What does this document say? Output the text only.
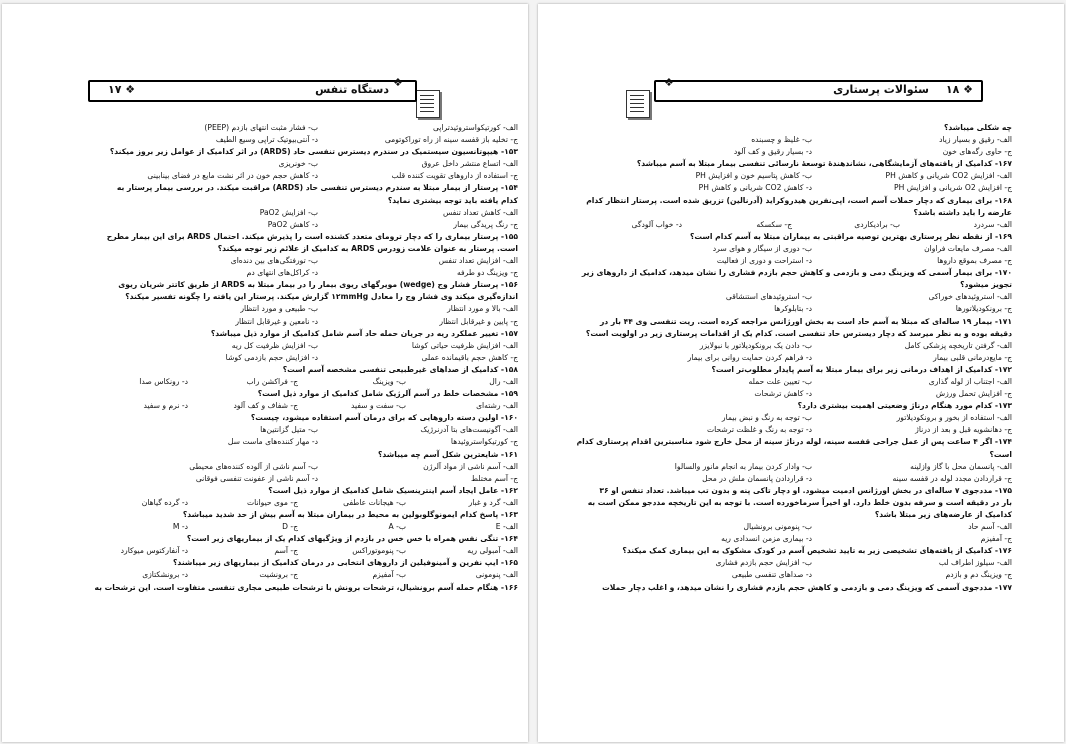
❖
دستگاه تنفس
۱۷ ❖
الف- کورتیکواستروئیدتراپی
ب- فشار مثبت انتهای بازدم (PEEP)
ج- تخلیه باز قفسه سینه از راه توراکوتومی
د- آنتی‌بیوتیک تراپی وسیع الطیف
۱۵۳- هیپوتانسیون سیستمیک در سندرم دیسترس تنفسی حاد (ARDS) در اثر کدامیک از عوامل زیر بروز میکند؟
الف- اتساع منتشر داخل عروق
ب- خونریزی
ج- استفاده از داروهای تقویت کننده قلب
د- کاهش حجم خون در اثر نشت مایع در فضای بینابینی
۱۵۴- پرستار از بیمار مبتلا به سندرم دیسترس تنفسی حاد (ARDS) مراقبت میکند. در بررسی بیمار پرستار به
کدام یافته باید توجه بیشتری نماید؟
الف- کاهش تعداد تنفس
ب- افزایش PaO2
ج- رنگ پریدگی بیمار
د- کاهش PaO2
۱۵۵- پرستار بیماری را که دچار ترومای متعدد کشنده است را پذیرش میکند. احتمال ARDS برای این بیمار مطرح
است. پرستار به عنوان علامت زودرس ARDS به کدامیک از علائم زیر توجه میکند؟
الف- افزایش تعداد تنفس
ب- تورفتگی‌های بین دنده‌ای
ج- ویزینگ دو طرفه
د- کراکل‌های انتهای دم
۱۵۶- پرستار فشار وج (wedge) مویرگهای ریوی بیمار را در بیمار مبتلا به ARDS از طریق کاتتر شریان ریوی
اندازه‌گیری میکند وی فشار وج را معادل ۱۲mmHg گزارش میکند. پرستار این یافته را چگونه تفسیر میکند؟
الف- بالا و مورد انتظار
ب- طبیعی و مورد انتظار
ج- پایین و غیرقابل انتظار
د- نامعین و غیرقابل انتظار
۱۵۷- تغییر عملکرد ریه در جریان حمله حاد آسم شامل کدامیک از موارد ذیل میباشد؟
الف- افزایش ظرفیت حیاتی کوشا
ب- افزایش ظرفیت کل ریه
ج- کاهش حجم باقیمانده عملی
د- افزایش حجم بازدمی کوشا
۱۵۸- کدامیک از صداهای غیرطبیعی تنفسی مشخصه آسم است؟
الف- رال
ب- ویزینگ
ج- فراکشن راب
د- رونکاس صدا
۱۵۹- مشخصات خلط در آسم آلرژیک شامل کدامیک از موارد ذیل است؟
الف- رشته‌ای
ب- سفت و سفید
ج- شفاف و کف آلود
د- نرم و سفید
۱۶۰- اولین دسته داروهایی که برای درمان آسم استفاده میشود، چیست؟
الف- آگونیست‌های بتا آدرنرژیک
ب- متیل گزانتین‌ها
ج- کورتیکواستروئیدها
د- مهار کننده‌های ماست سل
۱۶۱- شایعترین شکل آسم چه میباشد؟
الف- آسم ناشی از مواد آلرژن
ب- آسم ناشی از آلوده کننده‌های محیطی
ج- آسم مختلط
د- آسم ناشی از عفونت تنفسی فوقانی
۱۶۲- عامل ایجاد آسم اینترینسیک شامل کدامیک از موارد ذیل است؟
الف- گرد و غبار
ب- هیجانات عاطفی
ج- موی حیوانات
د- گرده گیاهان
۱۶۳- پاسخ کدام ایمونوگلوبولین به محیط در بیماران مبتلا به آسم بیش از حد شدید میباشد؟
الف- E
ب- A
ج- D
د- M
۱۶۴- تنگی نفس همراه با خس خس در بازدم از ویژگیهای کدام یک از بیماریهای زیر است؟
الف- آمبولی ریه
ب- پنوموتوراکس
ج- آسم
د- آنفارکتوس میوکارد
۱۶۵- ایپ نفرین و آمینوفیلین از داروهای انتخابی در درمان کدامیک از بیماریهای زیر میباشند؟
الف- پنومونی
ب- آمفیزم
ج- برونشیت
د- برونشکتازی
۱۶۶- هنگام حمله آسم برونشیال، ترشحات برونش با ترشحات طبیعی مجاری تنفسی متفاوت است. این ترشحات به
❖
۱۸ ❖
سئوالات پرستاری
چه شکلی میباشد؟
الف- رقیق و بسیار زیاد
ب- غلیظ و چسبنده
ج- حاوی رگه‌های خون
د- بسیار رقیق و کف آلود
۱۶۷- کدامیک از یافته‌های آزمایشگاهی، نشاندهندهٔ توسعهٔ نارسائی تنفسی بیمار مبتلا به آسم میباشد؟
الف- افزایش CO2 شریانی و کاهش PH
ب- کاهش پتاسیم خون و افزایش PH
ج- افزایش O2 شریانی و افزایش PH
د- کاهش CO2 شریانی و کاهش PH
۱۶۸- برای بیماری که دچار حملات آسم است، اپی‌نفرین هیدروکراید (آدرنالین) تزریق شده است. پرستار انتظار کدام
عارضه را باید داشته باشد؟
الف- سردرد
ب- برادیکاردی
ج- سکسکه
د- خواب آلودگی
۱۶۹- از نقطه نظر پرستاری بهترین توصیه مراقبتی به بیماران مبتلا به آسم کدام است؟
الف- مصرف مایعات فراوان
ب- دوری از سیگار و هوای سرد
ج- مصرف بموقع داروها
د- استراحت و دوری از فعالیت
۱۷۰- برای بیمار آسمی که ویزینگ دمی و بازدمی و کاهش حجم بازدم فشاری را نشان میدهد، کدامیک از داروهای زیر
تجویز میشود؟
الف- استروئیدهای خوراکی
ب- استروئیدهای استنشاقی
ج- برونکودیلاتورها
د- بتابلوکرها
۱۷۱- بیمار ۱۹ ساله‌ای که مبتلا به آسم حاد است به بخش اورژانس مراجعه کرده است. ریت تنفسی وی ۴۴ بار در
دقیقه بوده و به نظر میرسد که دچار دیسترس حاد تنفسی است. کدام یک از اقدامات پرستاری زیر در اولویت است؟
الف- گرفتن تاریخچه پزشکی کامل
ب- دادن یک برونکودیلاتور با نبولایزر
ج- مایع‌درمانی قلبی بیمار
د- فراهم کردن حمایت روانی برای بیمار
۱۷۲- کدامیک از اهداف درمانی زیر برای بیمار مبتلا به آسم پایدار مطلوب‌تر است؟
الف- اجتناب از لوله گذاری
ب- تعیین علت حمله
ج- افزایش تحمل ورزش
د- کاهش ترشحات
۱۷۳- کدام مورد هنگام درناژ وضعیتی اهمیت بیشتری دارد؟
الف- استفاده از بخور و برونکودیلاتور
ب- توجه به رنگ و نبض بیمار
ج- دهانشویه قبل و بعد از درناژ
د- توجه به رنگ و غلظت ترشحات
۱۷۴- اگر ۴ ساعت پس از عمل جراحی قفسه سینه، لوله درناژ سینه از محل خارج شود مناسبترین اقدام پرستاری کدام
است؟
الف- پانسمان محل با گاز وازلینه
ب- وادار کردن بیمار به انجام مانور والسالوا
ج- قراردادن مجدد لوله در قفسه سینه
د- قراردادن پانسمان ملش در محل
۱۷۵- مددجوی ۷ ساله‌ای در بخش اورژانس ادمیت میشود. او دچار تاکی پنه و بدون تب میباشد. تعداد تنفس او ۳۶
بار در دقیقه است و سرفه بدون خلط دارد. او اخیراً سرماخورده است. با توجه به این تاریخچه مددجو ممکن است به
کدامیک از عارضه‌های زیر مبتلا باشد؟
الف- آسم حاد
ب- پنومونی برونشیال
ج- آمفیزم
د- بیماری مزمن انسدادی ریه
۱۷۶- کدامیک از یافته‌های تشخیصی زیر به تایید تشخیص آسم در کودک مشکوک به این بیماری کمک میکند؟
الف- سیلوز اطراف لب
ب- افزایش حجم بازدم فشاری
ج- ویزینگ دم و بازدم
د- صداهای تنفسی طبیعی
۱۷۷- مددجوی آسمی که ویزینگ دمی و بازدمی و کاهش حجم بازدم فشاری را نشان میدهد، و اغلب دچار حملات
